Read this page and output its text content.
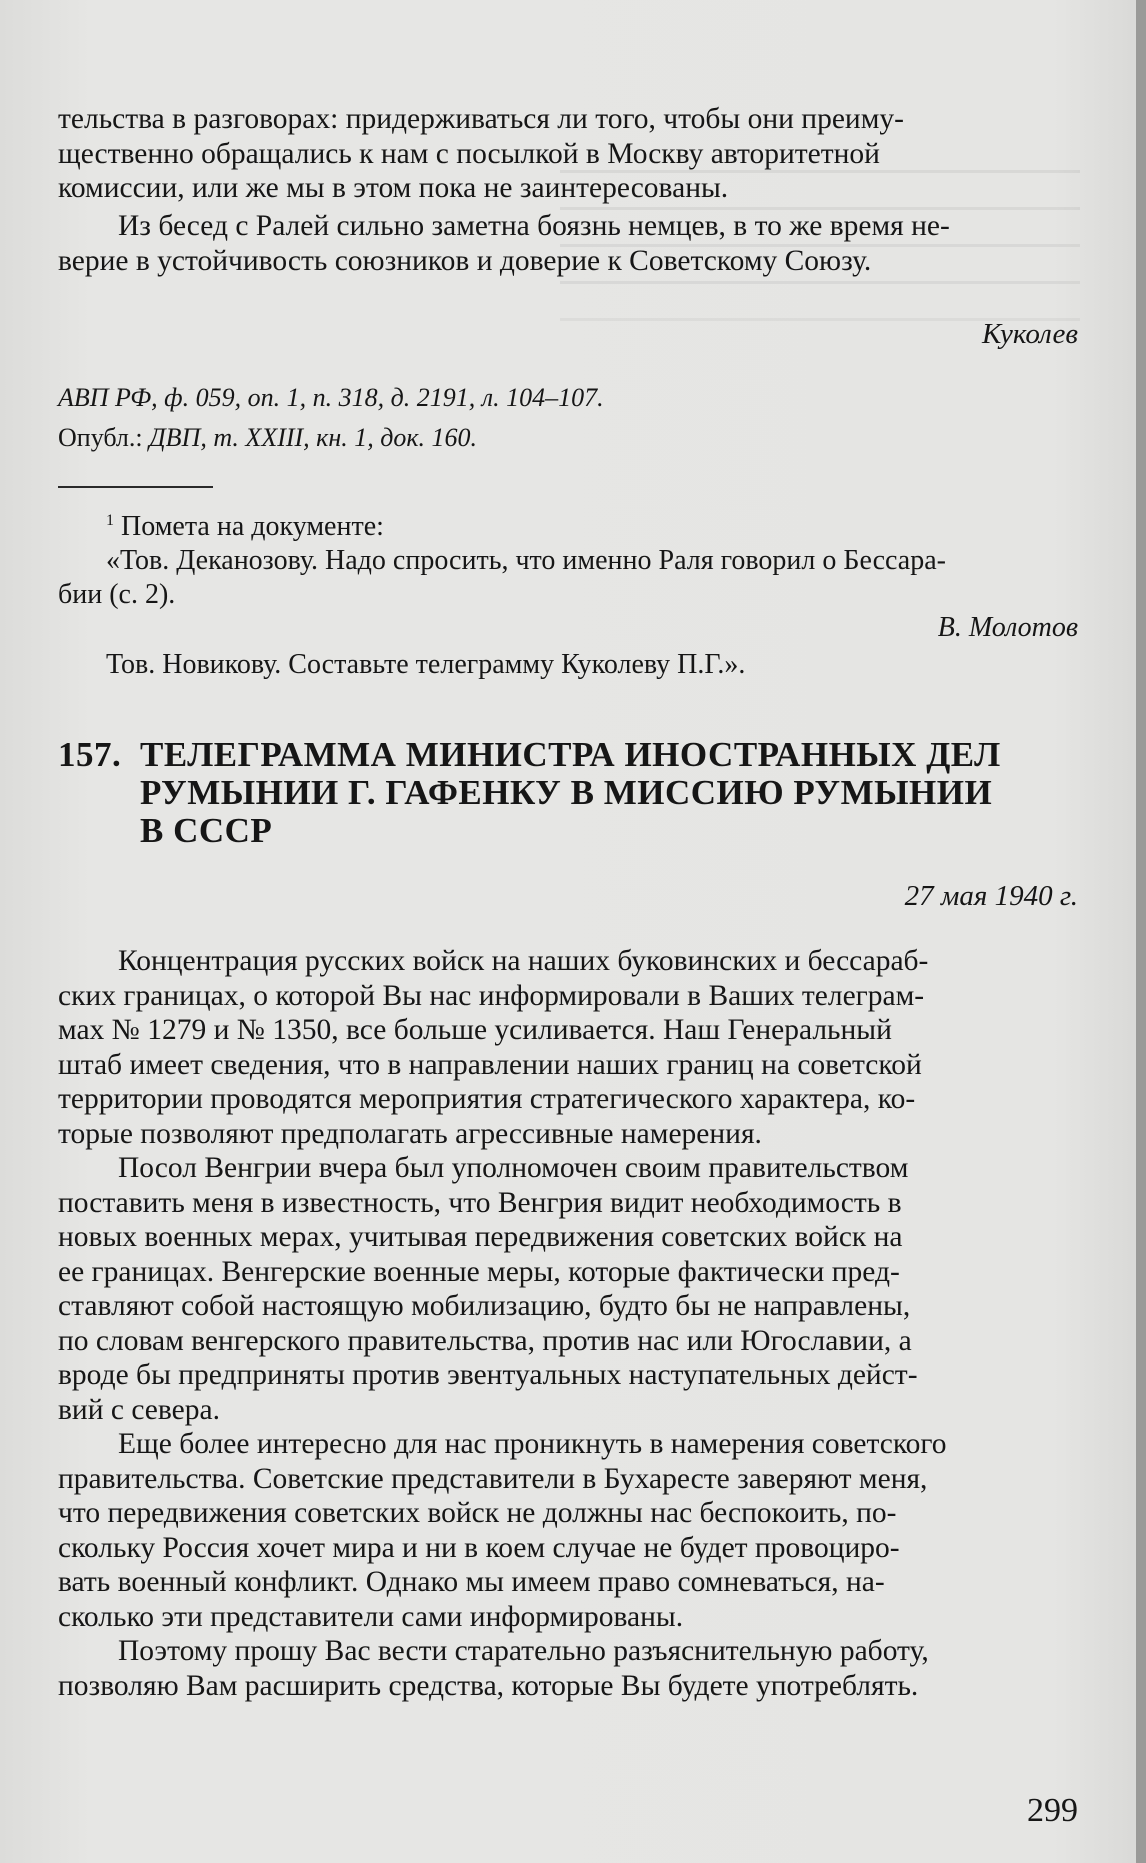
тельства в разговорах: придерживаться ли того, чтобы они преиму-

щественно обращались к нам с посылкой в Москву авторитетной

комиссии, или же мы в этом пока не заинтересованы.

Из бесед с Ралей сильно заметна боязнь немцев, в то же время не-

верие в устойчивость союзников и доверие к Советскому Союзу.

Куколев
АВП РФ, ф. 059, оп. 1, п. 318, д. 2191, л. 104–107.
Опубл.: ДВП, т. XXIII, кн. 1, док. 160.
$^1$ Помета на документе:
«Тов. Деканозову. Надо спросить, что именно Раля говорил о Бессара-
бии (с. 2).
В. Молотов
Тов. Новикову. Составьте телеграмму Куколеву П.Г.».
157. ТЕЛЕГРАММА МИНИСТРА ИНОСТРАННЫХ ДЕЛ
РУМЫНИИ Г. ГАФЕНКУ В МИССИЮ РУМЫНИИ
В СССР
27 мая 1940 г.

Концентрация русских войск на наших буковинских и бессараб-

ских границах, о которой Вы нас информировали в Ваших телеграм-

мах № 1279 и № 1350, все больше усиливается. Наш Генеральный

штаб имеет сведения, что в направлении наших границ на советской

территории проводятся мероприятия стратегического характера, ко-

торые позволяют предполагать агрессивные намерения.

Посол Венгрии вчера был уполномочен своим правительством

поставить меня в известность, что Венгрия видит необходимость в

новых военных мерах, учитывая передвижения советских войск на

ее границах. Венгерские военные меры, которые фактически пред-

ставляют собой настоящую мобилизацию, будто бы не направлены,

по словам венгерского правительства, против нас или Югославии, а

вроде бы предприняты против эвентуальных наступательных дейст-

вий с севера.

Еще более интересно для нас проникнуть в намерения советского

правительства. Советские представители в Бухаресте заверяют меня,

что передвижения советских войск не должны нас беспокоить, по-

скольку Россия хочет мира и ни в коем случае не будет провоциро-

вать военный конфликт. Однако мы имеем право сомневаться, на-

сколько эти представители сами информированы.

Поэтому прошу Вас вести старательно разъяснительную работу,

позволяю Вам расширить средства, которые Вы будете употреблять.

299
